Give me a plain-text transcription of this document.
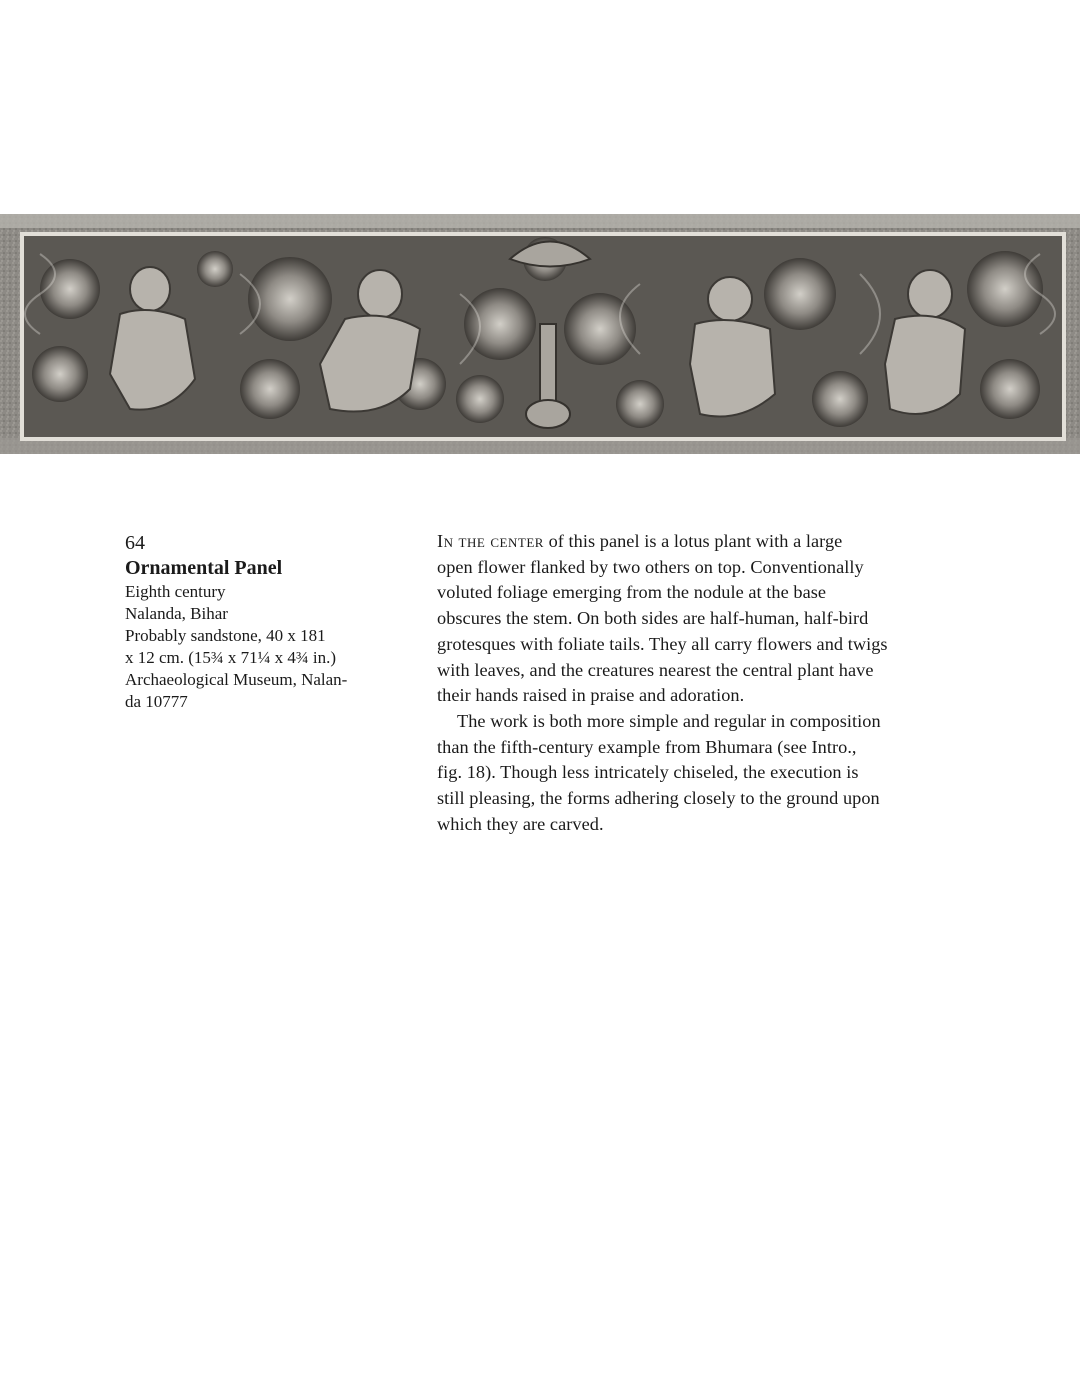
64
Ornamental Panel
Eighth century
Nalanda, Bihar
Probably sandstone, 40 x 181
x 12 cm. (15¾ x 71¼ x 4¾ in.)
Archaeological Museum, Nalan-
da 10777

In the center of this panel is a lotus plant with a large
open flower flanked by two others on top. Conventionally
voluted foliage emerging from the nodule at the base
obscures the stem. On both sides are half-human, half-bird
grotesques with foliate tails. They all carry flowers and twigs
with leaves, and the creatures nearest the central plant have
their hands raised in praise and adoration.

The work is both more simple and regular in composition
than the fifth-century example from Bhumara (see Intro.,
fig. 18). Though less intricately chiseled, the execution is
still pleasing, the forms adhering closely to the ground upon
which they are carved.
